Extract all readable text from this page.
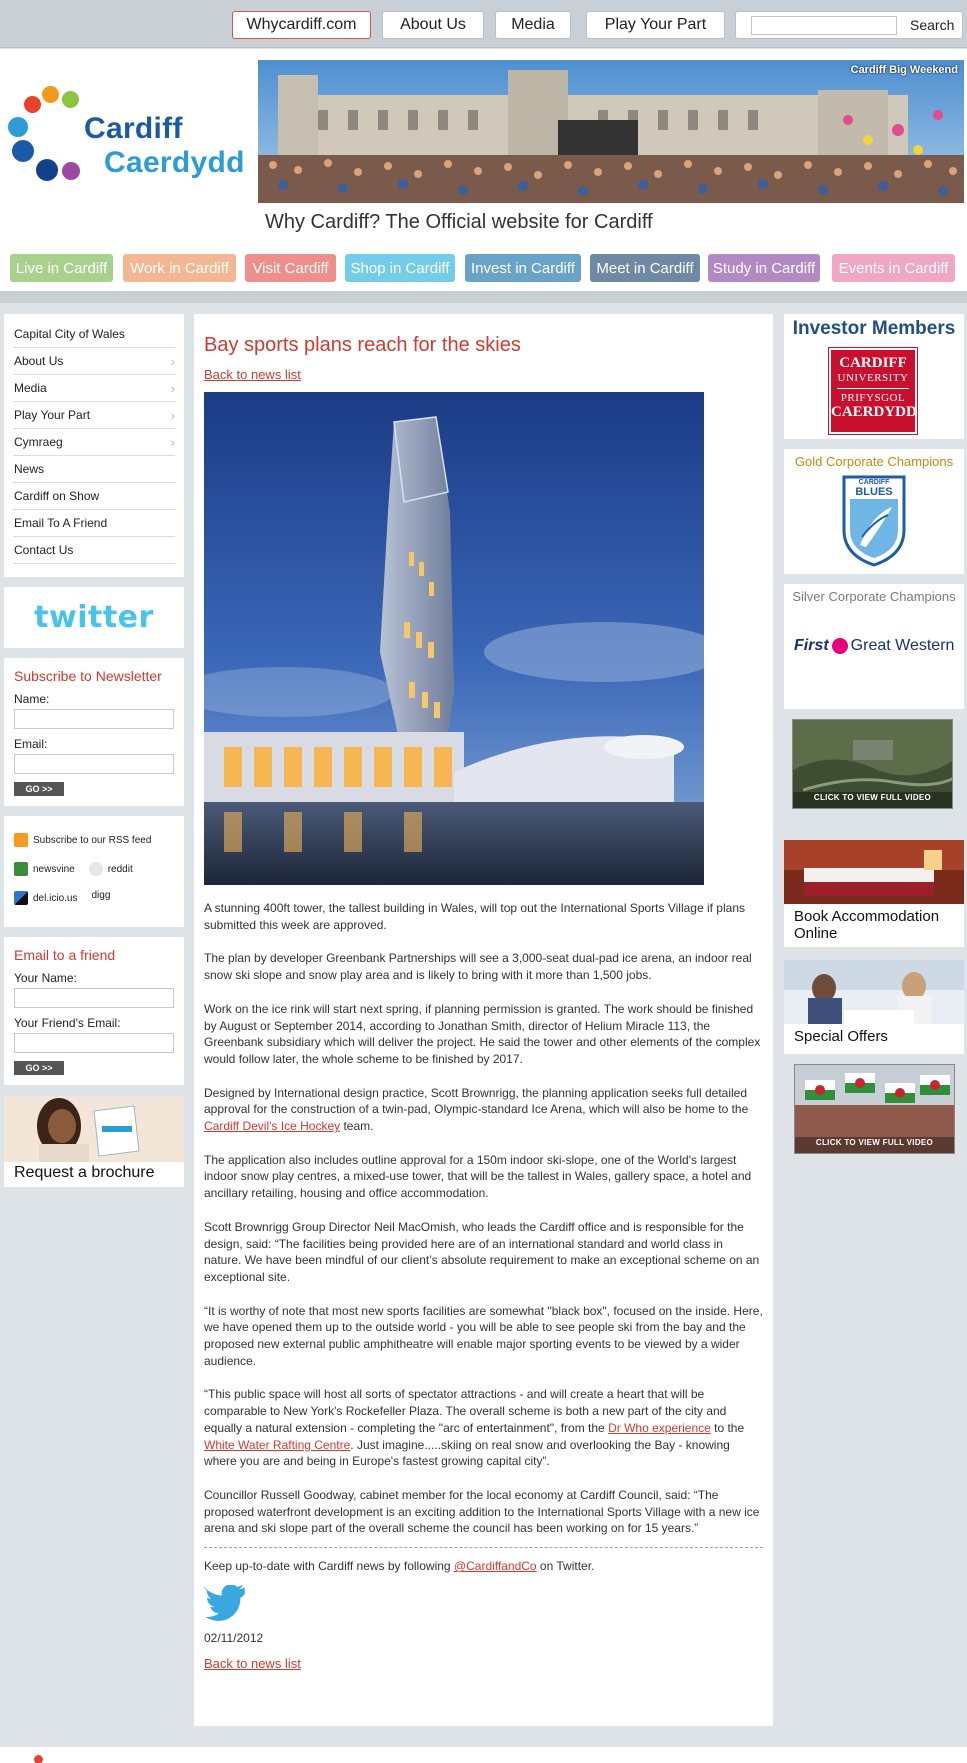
Whycardiff.com	About Us	Media	Play Your Part	Search
Cardiff
Caerdydd
Cardiff Big Weekend
Why Cardiff? The Official website for Cardiff
Live in Cardiff	Work in Cardiff	Visit Cardiff	Shop in Cardiff	Invest in Cardiff	Meet in Cardiff	Study in Cardiff	Events in Cardiff
Capital City of Wales
About Us	›
Media	›
Play Your Part	›
Cymraeg	›
News
Cardiff on Show
Email To A Friend
Contact Us
twitter
Subscribe to Newsletter
Name:
Email:
GO >>
Subscribe to our RSS feed
newsvine	reddit
del.icio.us digg
Email to a friend
Your Name:
Your Friend's Email:
GO >>
Request a brochure
Bay sports plans reach for the skies
Back to news list

A stunning 400ft tower, the tallest building in Wales, will top out the International Sports Village if plans submitted this week are approved.

The plan by developer Greenbank Partnerships will see a 3,000-seat dual-pad ice arena, an indoor real snow ski slope and snow play area and is likely to bring with it more than 1,500 jobs.

Work on the ice rink will start next spring, if planning permission is granted. The work should be finished by August or September 2014, according to Jonathan Smith, director of Helium Miracle 113, the Greenbank subsidiary which will deliver the project. He said the tower and other elements of the complex would follow later, the whole scheme to be finished by 2017.

Designed by International design practice, Scott Brownrigg, the planning application seeks full detailed approval for the construction of a twin-pad, Olympic-standard Ice Arena, which will also be home to the Cardiff Devil's Ice Hockey team.

The application also includes outline approval for a 150m indoor ski-slope, one of the World's largest indoor snow play centres, a mixed-use tower, that will be the tallest in Wales, gallery space, a hotel and ancillary retailing, housing and office accommodation.

Scott Brownrigg Group Director Neil MacOmish, who leads the Cardiff office and is responsible for the design, said: “The facilities being provided here are of an international standard and world class in nature. We have been mindful of our client’s absolute requirement to make an exceptional scheme on an exceptional site.

“It is worthy of note that most new sports facilities are somewhat "black box", focused on the inside. Here, we have opened them up to the outside world - you will be able to see people ski from the bay and the proposed new external public amphitheatre will enable major sporting events to be viewed by a wider audience.

“This public space will host all sorts of spectator attractions - and will create a heart that will be comparable to New York's Rockefeller Plaza. The overall scheme is both a new part of the city and equally a natural extension - completing the "arc of entertainment", from the Dr Who experience to the White Water Rafting Centre. Just imagine.....skiing on real snow and overlooking the Bay - knowing where you are and being in Europe's fastest growing capital city”.

Councillor Russell Goodway, cabinet member for the local economy at Cardiff Council, said: “The proposed waterfront development is an exciting addition to the International Sports Village with a new ice arena and ski slope part of the overall scheme the council has been working on for 15 years.”

Keep up-to-date with Cardiff news by following @CardiffandCo on Twitter.

02/11/2012

Back to news list
Investor Members
CARDIFF
UNIVERSITY
PRIFYSGOL
CAERDYDD
Gold Corporate Champions
CARDIFF
BLUES
Silver Corporate Champions
First Great Western
CLICK TO VIEW FULL VIDEO
Book Accommodation Online
Special Offers
CLICK TO VIEW FULL VIDEO
